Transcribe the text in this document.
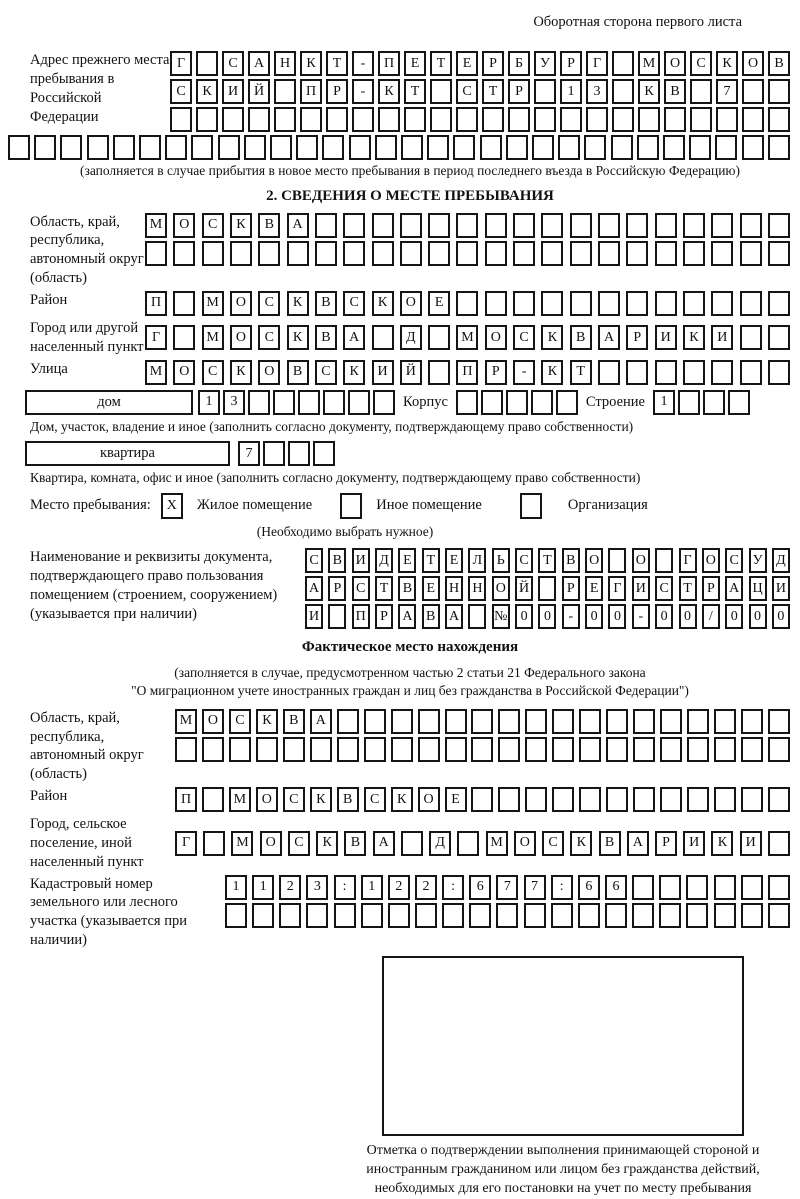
Оборотная сторона первого листа
Адрес прежнего места пребывания в Российской Федерации
Г	С	А	Н	К	Т	-	П	Е	Т	Е	Р	Б	У	Р	Г	М	О	С	К	О	В
С	К	И	Й	П	Р	-	К	Т	С	Т	Р	1	3	К	В	7
(заполняется в случае прибытия в новое место пребывания в период последнего въезда в Российскую Федерацию)
2. СВЕДЕНИЯ О МЕСТЕ ПРЕБЫВАНИЯ
Область, край, республика, автономный округ (область)
М	О	С	К	В	А
Район	П	М	О	С	К	В	С	К	О	Е
Город или другой населенный пункт
Г	М	О	С	К	В	А	Д	М	О	С	К	В	А	Р	И	К	И
Улица	М	О	С	К	О	В	С	К	И	Й	П	Р	-	К	Т
дом	1	3	Корпус	Строение	1
Дом, участок, владение и иное (заполнить согласно документу, подтверждающему право собственности)
квартира	7
Квартира, комната, офис и иное (заполнить согласно документу, подтверждающему право собственности)
Место пребывания:	X	Жилое помещение	Иное помещение	Организация
(Необходимо выбрать нужное)
Наименование и реквизиты документа, подтверждающего право пользования помещением (строением, сооружением) (указывается при наличии)
С	В И Д	Е	Т	Е	Л	Ь	С	Т	В О	О	Г	О С У Д
А	Р	С	Т	В	Е	Н Н О Й	Р	Е	Г	И С	Т	Р	А Ц И
И	П	Р	А В А № 0	0	-	0	0	-	0	0	/	0	0	0
Фактическое место нахождения
(заполняется в случае, предусмотренном частью 2 статьи 21 Федерального закона
"О миграционном учете иностранных граждан и лиц без гражданства в Российской Федерации")
Область, край, республика, автономный округ (область)
М	О	С	К	В	А
Район	П	М	О	С	К	В	С	К	О	Е
Город, сельское поселение, иной населенный пункт
Г	М	О	С	К	В	А	Д	М	О	С	К	В	А	Р	И	К	И
Кадастровый номер земельного или лесного участка (указывается при наличии)
1	1	2	3	:	1	2	2	:	6	7	7	:	6	6
Отметка о подтверждении выполнения принимающей стороной и иностранным гражданином или лицом без гражданства действий, необходимых для его постановки на учет по месту пребывания
